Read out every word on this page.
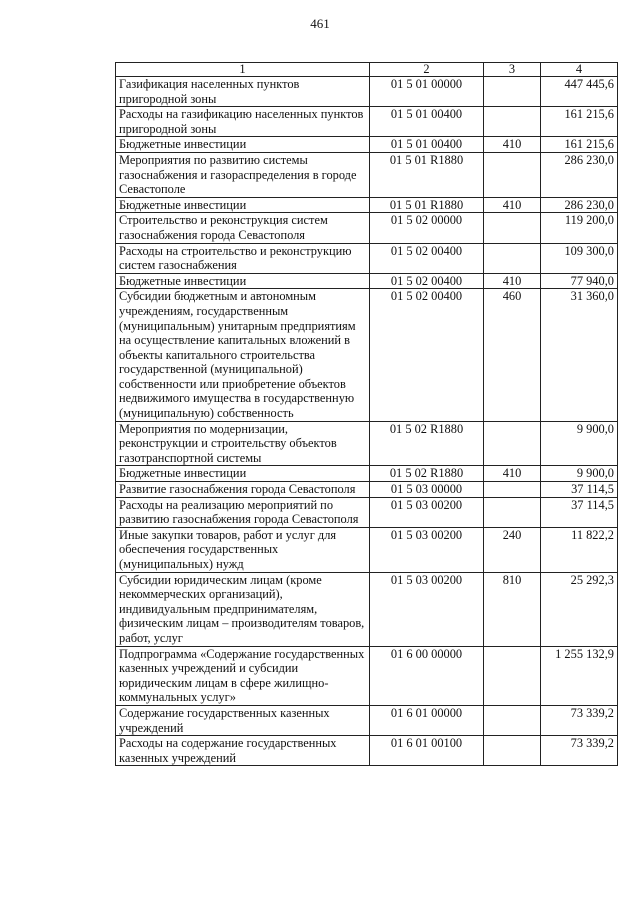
461
1	2	3	4
Газификация населенных пунктов пригородной зоны	01 5 01 00000		447 445,6
Расходы на газификацию населенных пунктов пригородной зоны	01 5 01 00400		161 215,6
Бюджетные инвестиции	01 5 01 00400	410	161 215,6
Мероприятия по развитию системы газоснабжения и газораспределения в городе Севастополе	01 5 01 R1880		286 230,0
Бюджетные инвестиции	01 5 01 R1880	410	286 230,0
Строительство и реконструкция систем газоснабжения города Севастополя	01 5 02 00000		119 200,0
Расходы на строительство и реконструкцию систем газоснабжения	01 5 02 00400		109 300,0
Бюджетные инвестиции	01 5 02 00400	410	77 940,0
Субсидии бюджетным и автономным учреждениям, государственным (муниципальным) унитарным предприятиям на осуществление капитальных вложений в объекты капитального строительства государственной (муниципальной) собственности или приобретение объектов недвижимого имущества в государственную (муниципальную) собственность	01 5 02 00400	460	31 360,0
Мероприятия по модернизации, реконструкции и строительству объектов газотранспортной системы	01 5 02 R1880		9 900,0
Бюджетные инвестиции	01 5 02 R1880	410	9 900,0
Развитие газоснабжения города Севастополя	01 5 03 00000		37 114,5
Расходы на реализацию мероприятий по развитию газоснабжения города Севастополя	01 5 03 00200		37 114,5
Иные закупки товаров, работ и услуг для обеспечения государственных (муниципальных) нужд	01 5 03 00200	240	11 822,2
Субсидии юридическим лицам (кроме некоммерческих организаций), индивидуальным предпринимателям, физическим лицам – производителям товаров, работ, услуг	01 5 03 00200	810	25 292,3
Подпрограмма «Содержание государственных казенных учреждений и субсидии юридическим лицам в сфере жилищно-коммунальных услуг»	01 6 00 00000		1 255 132,9
Содержание государственных казенных учреждений	01 6 01 00000		73 339,2
Расходы на содержание государственных казенных учреждений	01 6 01 00100		73 339,2
